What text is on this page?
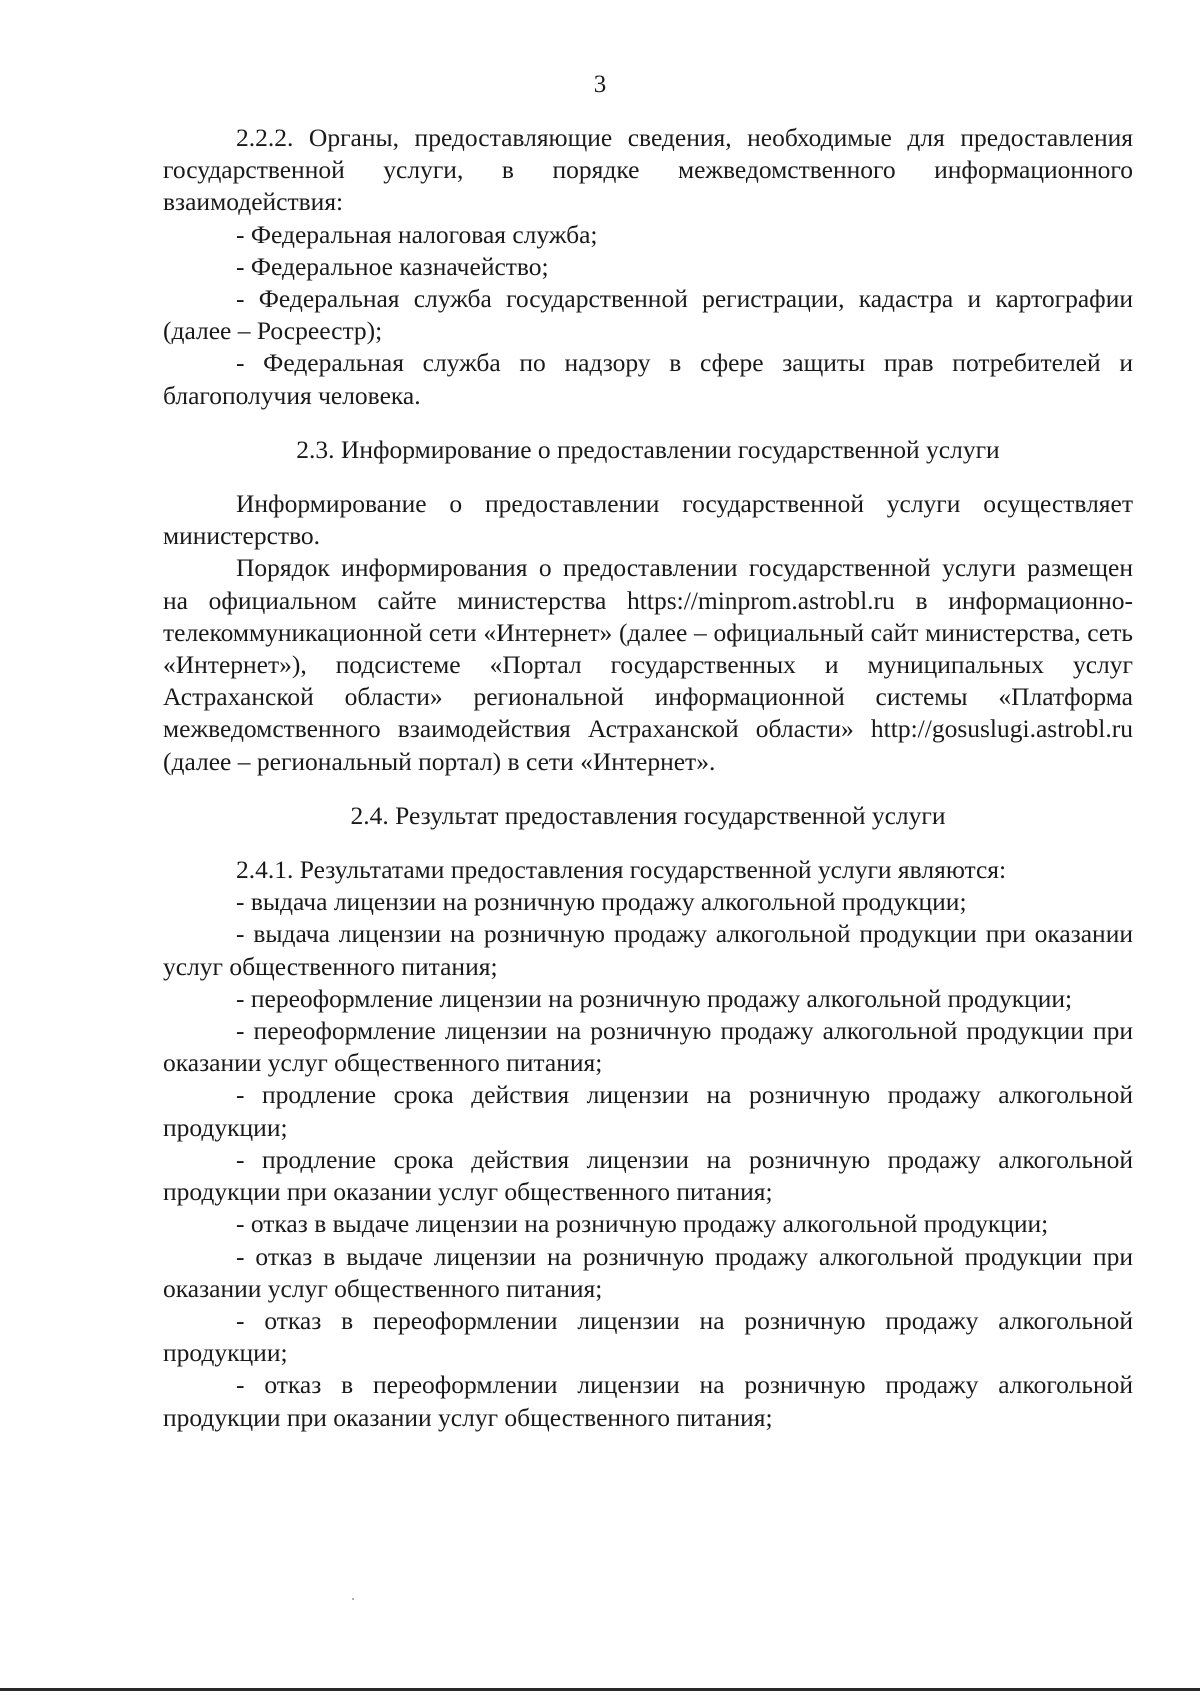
3

2.2.2. Органы, предоставляющие сведения, необходимые для предоставления государственной услуги, в порядке межведомственного информационного взаимодействия:

- Федеральная налоговая служба;

- Федеральное казначейство;

- Федеральная служба государственной регистрации, кадастра и картографии (далее – Росреестр);

- Федеральная служба по надзору в сфере защиты прав потребителей и благополучия человека.

2.3. Информирование о предоставлении государственной услуги

Информирование о предоставлении государственной услуги осуществляет министерство.

Порядок информирования о предоставлении государственной услуги размещен на официальном сайте министерства https://minprom.astrobl.ru в информационно-телекоммуникационной сети «Интернет» (далее – официальный сайт министерства, сеть «Интернет»), подсистеме «Портал государственных и муниципальных услуг Астраханской области» региональной информационной системы «Платформа межведомственного взаимодействия Астраханской области» http://gosuslugi.astrobl.ru (далее – региональный портал) в сети «Интернет».

2.4. Результат предоставления государственной услуги

2.4.1. Результатами предоставления государственной услуги являются:

- выдача лицензии на розничную продажу алкогольной продукции;

- выдача лицензии на розничную продажу алкогольной продукции при оказании услуг общественного питания;

- переоформление лицензии на розничную продажу алкогольной продукции;

- переоформление лицензии на розничную продажу алкогольной продукции при оказании услуг общественного питания;

- продление срока действия лицензии на розничную продажу алкогольной продукции;

- продление срока действия лицензии на розничную продажу алкогольной продукции при оказании услуг общественного питания;

- отказ в выдаче лицензии на розничную продажу алкогольной продукции;

- отказ в выдаче лицензии на розничную продажу алкогольной продукции при оказании услуг общественного питания;

- отказ в переоформлении лицензии на розничную продажу алкогольной продукции;

- отказ в переоформлении лицензии на розничную продажу алкогольной продукции при оказании услуг общественного питания;
